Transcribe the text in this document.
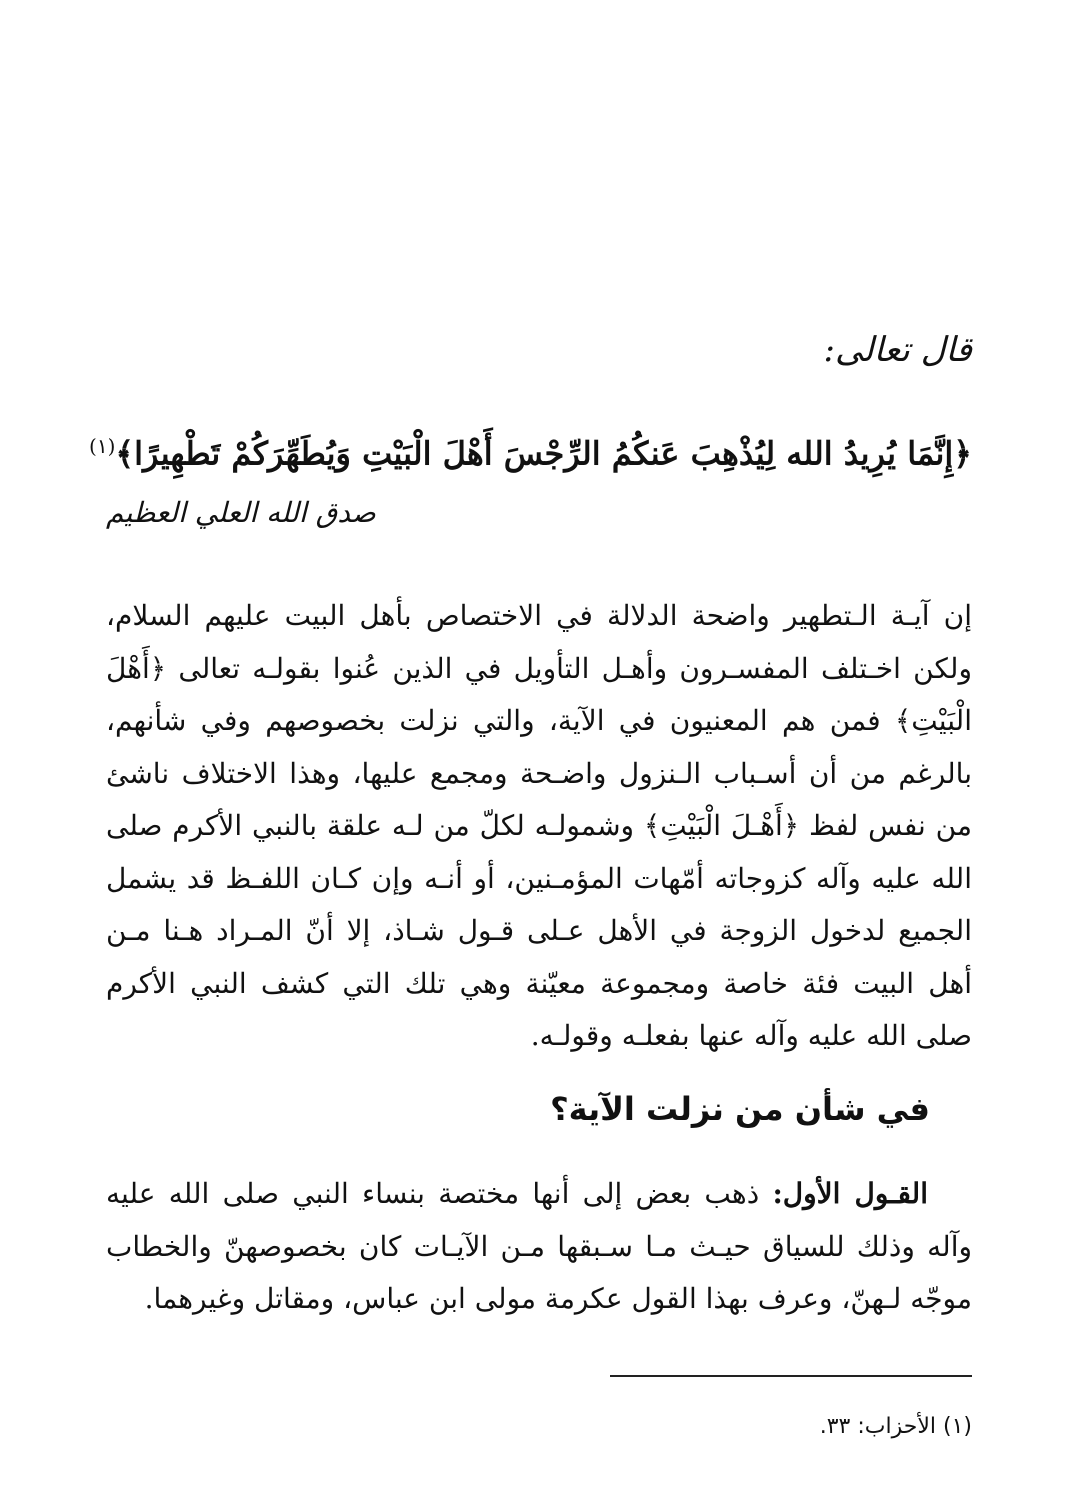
قال تعالى:

﴿إِنَّمَا يُرِيدُ الله لِيُذْهِبَ عَنكُمُ الرِّجْسَ أَهْلَ الْبَيْتِ وَيُطَهِّرَكُمْ تَطْهِيرًا﴾$^{(١)}$

صدق الله العلي العظيم

إن آيـة الـتطهير واضحة الدلالة في الاختصاص بأهل البيت عليهم السلام، ولكن اخـتلف المفسـرون وأهـل التأويل في الذين عُنوا بقولـه تعالى ﴿أَهْلَ الْبَيْتِ﴾ فمن هم المعنيون في الآية، والتي نزلت بخصوصهم وفي شأنهم، بالرغم من أن أسـباب الـنزول واضـحة ومجمع عليها، وهذا الاختلاف ناشئ من نفس لفظ ﴿أَهْـلَ الْبَيْتِ﴾ وشمولـه لكلّ من لـه علقة بالنبي الأكرم صلى الله عليه وآله كزوجاته أمّهات المؤمـنين، أو أنـه وإن كـان اللفـظ قد يشمل الجميع لدخول الزوجة في الأهل عـلى قـول شـاذ، إلا أنّ المـراد هـنا مـن أهل البيت فئة خاصة ومجموعة معيّنة وهي تلك التي كشف النبي الأكرم صلى الله عليه وآله عنها بفعلـه وقولـه.

في شأن من نزلت الآية؟

القـول الأول: ذهب بعض إلى أنها مختصة بنساء النبي صلى الله عليه وآله وذلك للسياق حيـث مـا سـبقها مـن الآيـات كان بخصوصهنّ والخطاب موجّه لـهنّ، وعرف بهذا القول عكرمة مولى ابن عباس، ومقاتل وغيرهما.

(١) الأحزاب: ٣٣.
